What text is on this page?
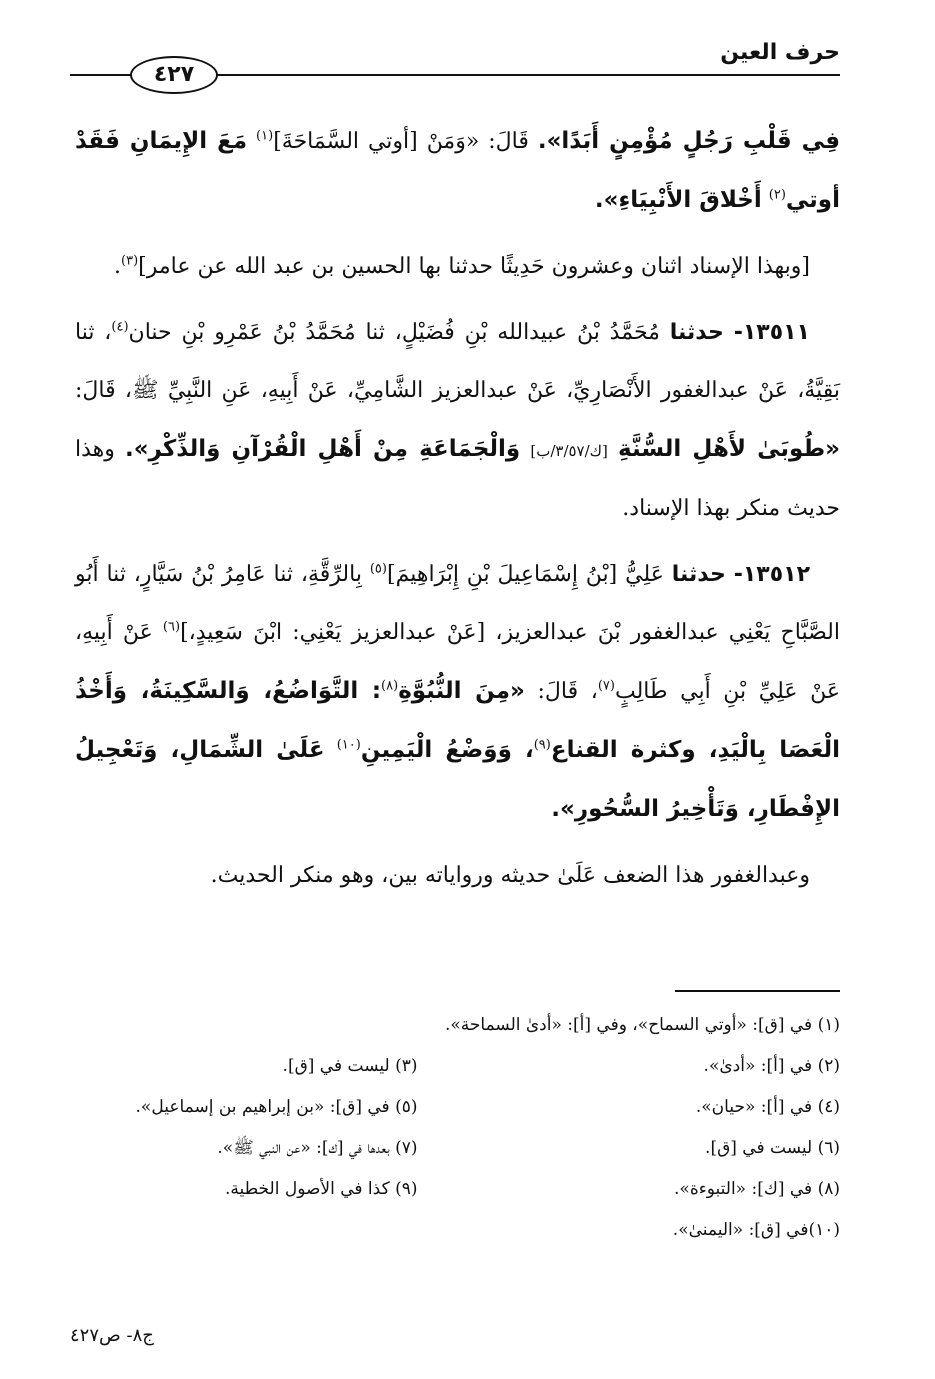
حرف العين
٤٢٧

فِي قَلْبِ رَجُلٍ مُؤْمِنٍ أَبَدًا». قَالَ: «وَمَنْ [أوتي السَّمَاحَةَ]$^{(١)}$ مَعَ الإِيمَانِ فَقَدْ أوتي$^{(٢)}$ أَخْلاقَ الأَنْبِيَاءِ».

[وبهذا الإسناد اثنان وعشرون حَدِيثًا حدثنا بها الحسين بن عبد الله عن عامر]$^{(٣)}$.

١٣٥١١- حدثنا مُحَمَّدُ بْنُ عبيدالله بْنِ فُضَيْلٍ، ثنا مُحَمَّدُ بْنُ عَمْرِو بْنِ حنان$^{(٤)}$، ثنا بَقِيَّةُ، عَنْ عبدالغفور الأَنْصَارِيِّ، عَنْ عبدالعزيز الشَّامِيِّ، عَنْ أَبِيهِ، عَنِ النَّبِيِّ ﷺ، قَالَ: «طُوبَىٰ لأَهْلِ السُّنَّةِ [ك/٣/٥٧/ب] وَالْجَمَاعَةِ مِنْ أَهْلِ الْقُرْآنِ وَالذِّكْرِ». وهذا حديث منكر بهذا الإسناد.

١٣٥١٢- حدثنا عَلِيُّ [بْنُ إِسْمَاعِيلَ بْنِ إِبْرَاهِيمَ]$^{(٥)}$ بِالرِّقَّةِ، ثنا عَامِرُ بْنُ سَيَّارٍ، ثنا أَبُو الصَّبَّاحِ يَعْنِي عبدالغفور بْنَ عبدالعزيز، [عَنْ عبدالعزيز يَعْنِي: ابْنَ سَعِيدٍ،]$^{(٦)}$ عَنْ أَبِيهِ، عَنْ عَلِيِّ بْنِ أَبِي طَالِبٍ$^{(٧)}$، قَالَ: «مِنَ النُّبُوَّةِ$^{(٨)}$: التَّوَاضُعُ، وَالسَّكِينَةُ، وَأَخْذُ الْعَصَا بِالْيَدِ، وكثرة القناع$^{(٩)}$، وَوَضْعُ الْيَمِينِ$^{(١٠)}$ عَلَىٰ الشِّمَالِ، وَتَعْجِيلُ الإِفْطَارِ، وَتَأْخِيرُ السُّحُورِ».

وعبدالغفور هذا الضعف عَلَىٰ حديثه ورواياته بين، وهو منكر الحديث.

(١) في [ق]: «أوتي السماح»، وفي [أ]: «أدىٰ السماحة».
(٢) في [أ]: «أدىٰ».
(٣) ليست في [ق].
(٤) في [أ]: «حيان».
(٥) في [ق]: «بن إبراهيم بن إسماعيل».
(٦) ليست في [ق].
(٧) بعدها في [ك]: «عن النبي ﷺ».
(٨) في [ك]: «التبوءة».
(٩) كذا في الأصول الخطية.
(١٠)في [ق]: «اليمنىٰ».
ج٨- ص٤٢٧
